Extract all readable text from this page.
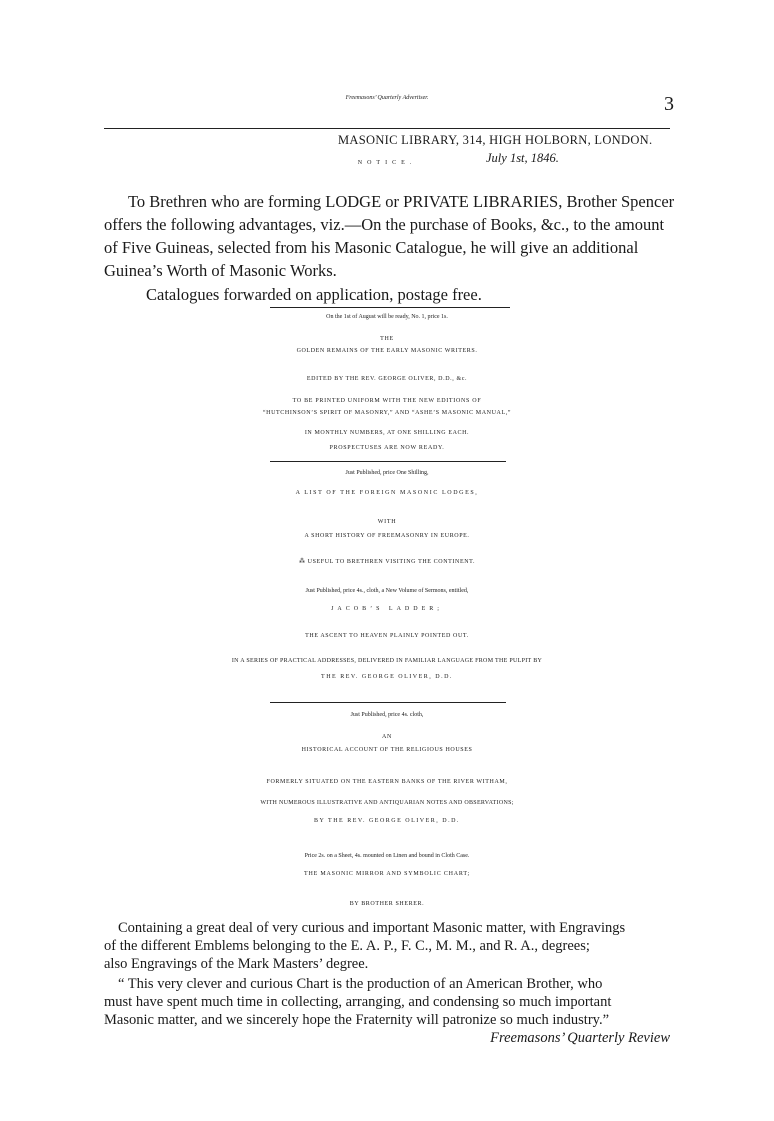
Freemasons’ Quarterly Advertiser.	3
MASONIC LIBRARY, 314, HIGH HOLBORN, LONDON.
July 1st, 1846.
NOTICE.
To Brethren who are forming LODGE or PRIVATE LIBRARIES, Brother Spencer
offers the following advantages, viz.—On the purchase of Books, &c., to the amount
of Five Guineas, selected from his Masonic Catalogue, he will give an additional
Guinea’s Worth of Masonic Works.
Catalogues forwarded on application, postage free.
On the 1st of August will be ready, No. 1, price 1s.
THE
GOLDEN REMAINS OF THE EARLY MASONIC WRITERS.
EDITED BY THE REV. GEORGE OLIVER, D.D., &c.
TO BE PRINTED UNIFORM WITH THE NEW EDITIONS OF
“HUTCHINSON’S SPIRIT OF MASONRY,” AND “ASHE’S MASONIC MANUAL,”
IN MONTHLY NUMBERS, AT ONE SHILLING EACH.
PROSPECTUSES ARE NOW READY.
Just Published, price One Shilling,
A LIST OF THE FOREIGN MASONIC LODGES,
WITH
A SHORT HISTORY OF FREEMASONRY IN EUROPE.
⁂ USEFUL TO BRETHREN VISITING THE CONTINENT.
Just Published, price 4s., cloth, a New Volume of Sermons, entitled,
JACOB’S LADDER;
THE ASCENT TO HEAVEN PLAINLY POINTED OUT.
IN A SERIES OF PRACTICAL ADDRESSES, DELIVERED IN FAMILIAR LANGUAGE FROM THE PULPIT BY
THE REV. GEORGE OLIVER, D.D.
Just Published, price 4s. cloth,
AN
HISTORICAL ACCOUNT OF THE RELIGIOUS HOUSES
FORMERLY SITUATED ON THE EASTERN BANKS OF THE RIVER WITHAM,
WITH NUMEROUS ILLUSTRATIVE AND ANTIQUARIAN NOTES AND OBSERVATIONS;
BY THE REV. GEORGE OLIVER, D.D.
Price 2s. on a Sheet, 4s. mounted on Linen and bound in Cloth Case.
THE MASONIC MIRROR AND SYMBOLIC CHART;
BY BROTHER SHERER.
Containing a great deal of very curious and important Masonic matter, with Engravings
of the different Emblems belonging to the E. A. P., F. C., M. M., and R. A., degrees;
also Engravings of the Mark Masters’ degree.
“ This very clever and curious Chart is the production of an American Brother, who
must have spent much time in collecting, arranging, and condensing so much important
Masonic matter, and we sincerely hope the Fraternity will patronize so much industry.”
Freemasons’ Quarterly Review
